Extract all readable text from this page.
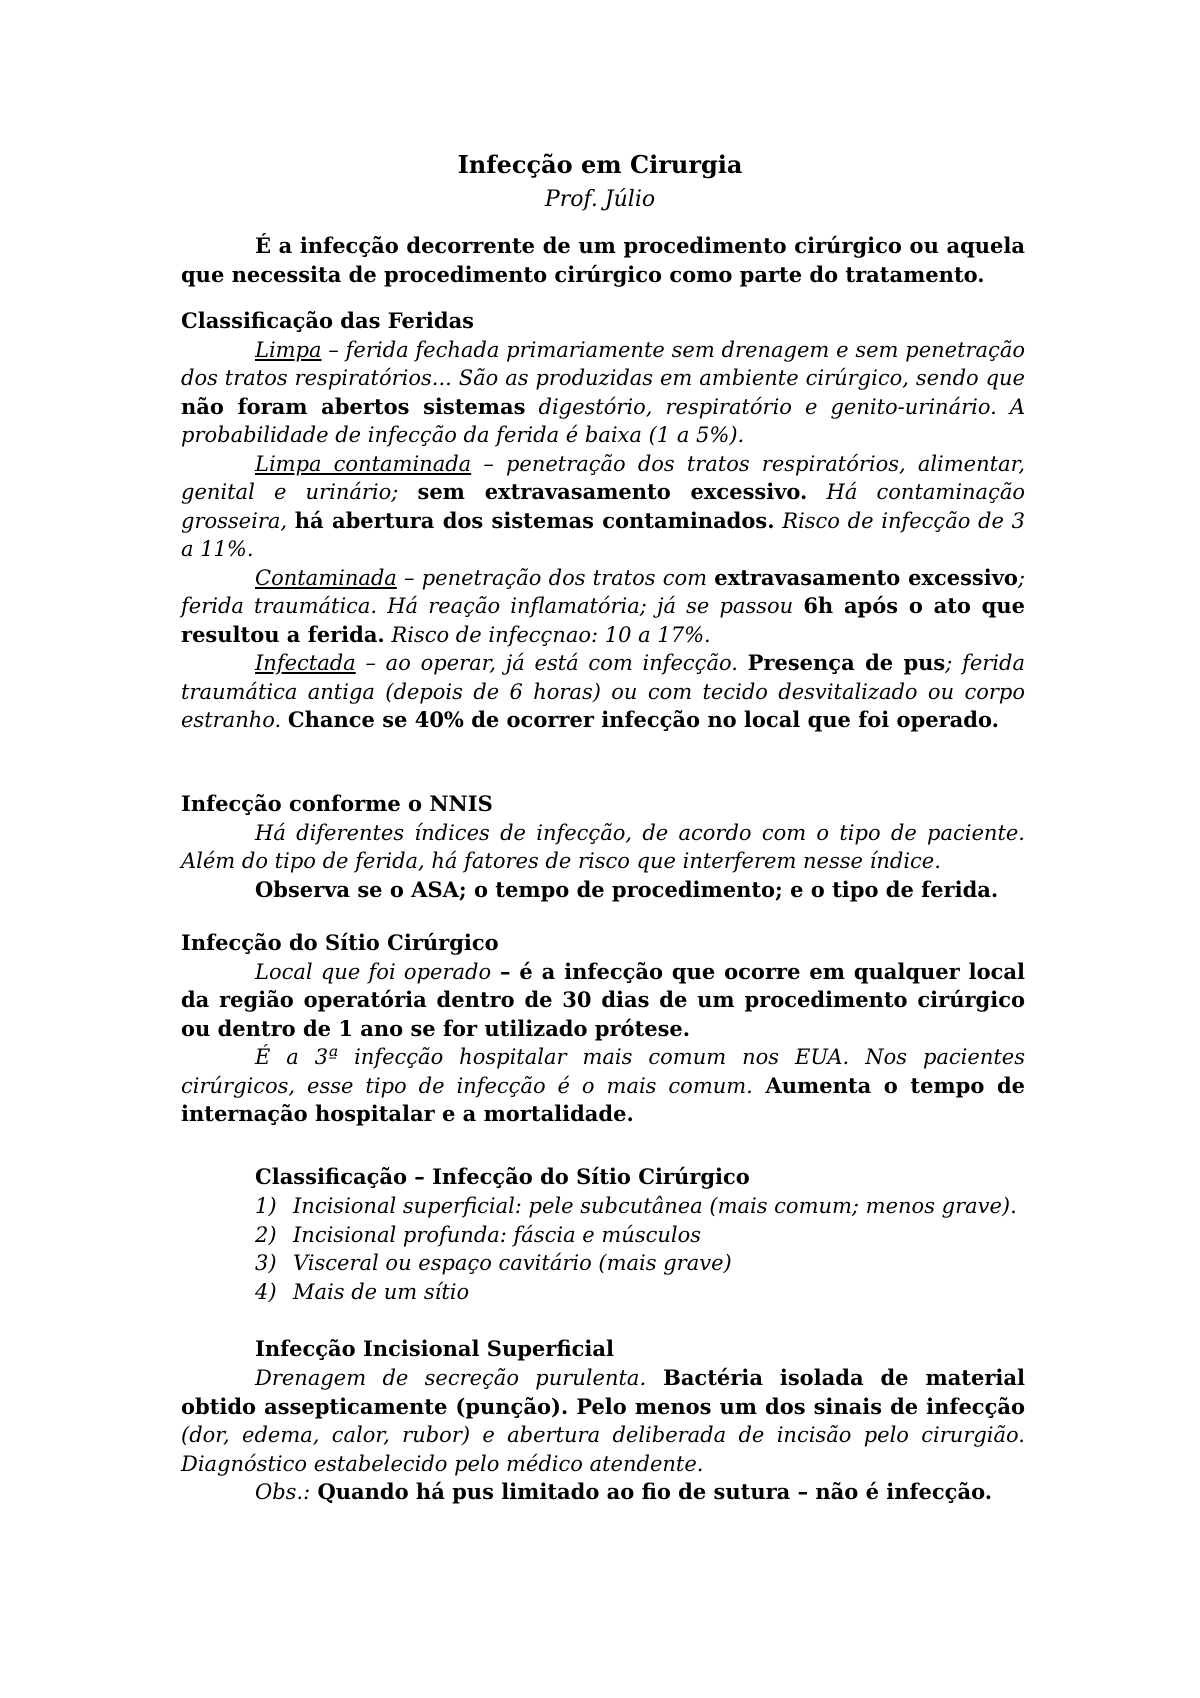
Infecção em Cirurgia
Prof. Júlio

É a infecção decorrente de um procedimento cirúrgico ou aquela que necessita de procedimento cirúrgico como parte do tratamento.

Classificação das Feridas

Limpa – ferida fechada primariamente sem drenagem e sem penetração dos tratos respiratórios... São as produzidas em ambiente cirúrgico, sendo que não foram abertos sistemas digestório, respiratório e genito-urinário. A probabilidade de infecção da ferida é baixa (1 a 5%).

Limpa contaminada – penetração dos tratos respiratórios, alimentar, genital e urinário; sem extravasamento excessivo. Há contaminação grosseira, há abertura dos sistemas contaminados. Risco de infecção de 3 a 11%.

Contaminada – penetração dos tratos com extravasamento excessivo; ferida traumática. Há reação inflamatória; já se passou 6h após o ato que resultou a ferida. Risco de infecçnao: 10 a 17%.

Infectada – ao operar, já está com infecção. Presença de pus; ferida traumática antiga (depois de 6 horas) ou com tecido desvitalizado ou corpo estranho. Chance se 40% de ocorrer infecção no local que foi operado.

Infecção conforme o NNIS

Há diferentes índices de infecção, de acordo com o tipo de paciente. Além do tipo de ferida, há fatores de risco que interferem nesse índice.

Observa se o ASA; o tempo de procedimento; e o tipo de ferida.

Infecção do Sítio Cirúrgico

Local que foi operado – é a infecção que ocorre em qualquer local da região operatória dentro de 30 dias de um procedimento cirúrgico ou dentro de 1 ano se for utilizado prótese.

É a 3ª infecção hospitalar mais comum nos EUA. Nos pacientes cirúrgicos, esse tipo de infecção é o mais comum. Aumenta o tempo de internação hospitalar e a mortalidade.

Classificação – Infecção do Sítio Cirúrgico

1) Incisional superficial: pele subcutânea (mais comum; menos grave).
2) Incisional profunda: fáscia e músculos
3) Visceral ou espaço cavitário (mais grave)
4) Mais de um sítio

Infecção Incisional Superficial

Drenagem de secreção purulenta. Bactéria isolada de material obtido assepticamente (punção). Pelo menos um dos sinais de infecção (dor, edema, calor, rubor) e abertura deliberada de incisão pelo cirurgião. Diagnóstico estabelecido pelo médico atendente.

Obs.: Quando há pus limitado ao fio de sutura – não é infecção.
